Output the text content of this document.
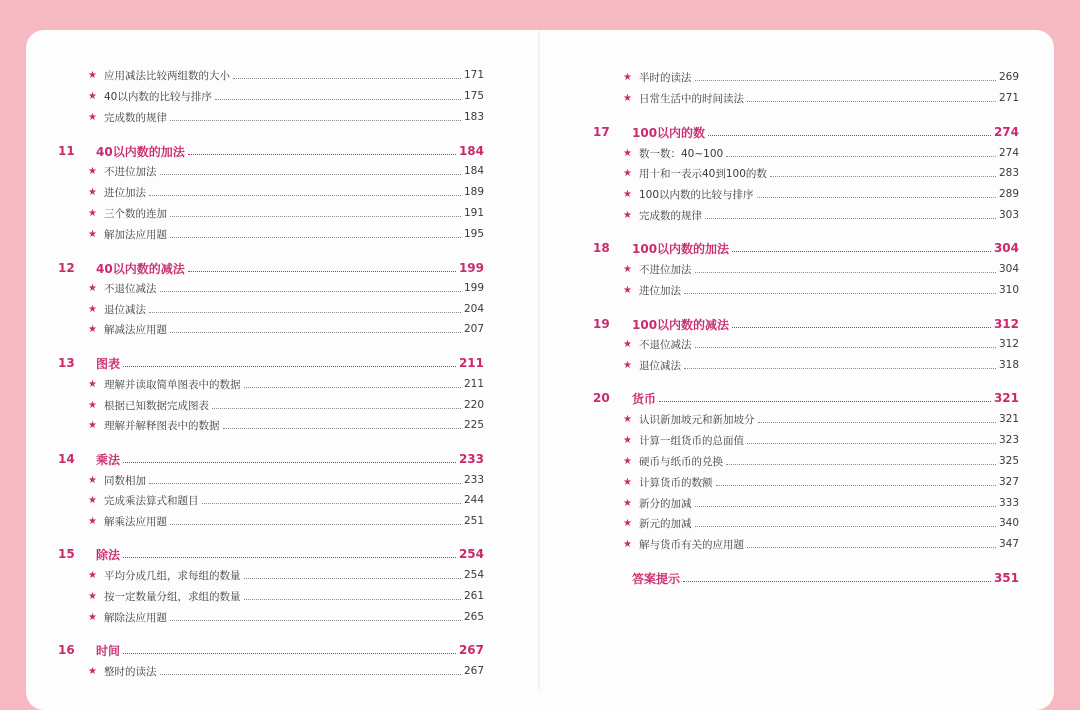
★ 应用减法比较两组数的大小	171
★ 40以内数的比较与排序	175
★ 完成数的规律	183
11	40以内数的加法	184
★ 不进位加法	184
★ 进位加法	189
★ 三个数的连加	191
★ 解加法应用题	195
12	40以内数的减法	199
★ 不退位减法	199
★ 退位减法	204
★ 解减法应用题	207
13	图表	211
★ 理解并读取简单图表中的数据	211
★ 根据已知数据完成图表	220
★ 理解并解释图表中的数据	225
14	乘法	233
★ 同数相加	233
★ 完成乘法算式和题目	244
★ 解乘法应用题	251
15	除法	254
★ 平均分成几组，求每组的数量	254
★ 按一定数量分组，求组的数量	261
★ 解除法应用题	265
16	时间	267
★ 整时的读法	267
★ 半时的读法	269
★ 日常生活中的时间读法	271
17	100以内的数	274
★ 数一数：40~100	274
★ 用十和一表示40到100的数	283
★ 100以内数的比较与排序	289
★ 完成数的规律	303
18	100以内数的加法	304
★ 不进位加法	304
★ 进位加法	310
19	100以内数的减法	312
★ 不退位减法	312
★ 退位减法	318
20	货币	321
★ 认识新加坡元和新加坡分	321
★ 计算一组货币的总面值	323
★ 硬币与纸币的兑换	325
★ 计算货币的数额	327
★ 新分的加减	333
★ 新元的加减	340
★ 解与货币有关的应用题	347
答案提示	351
